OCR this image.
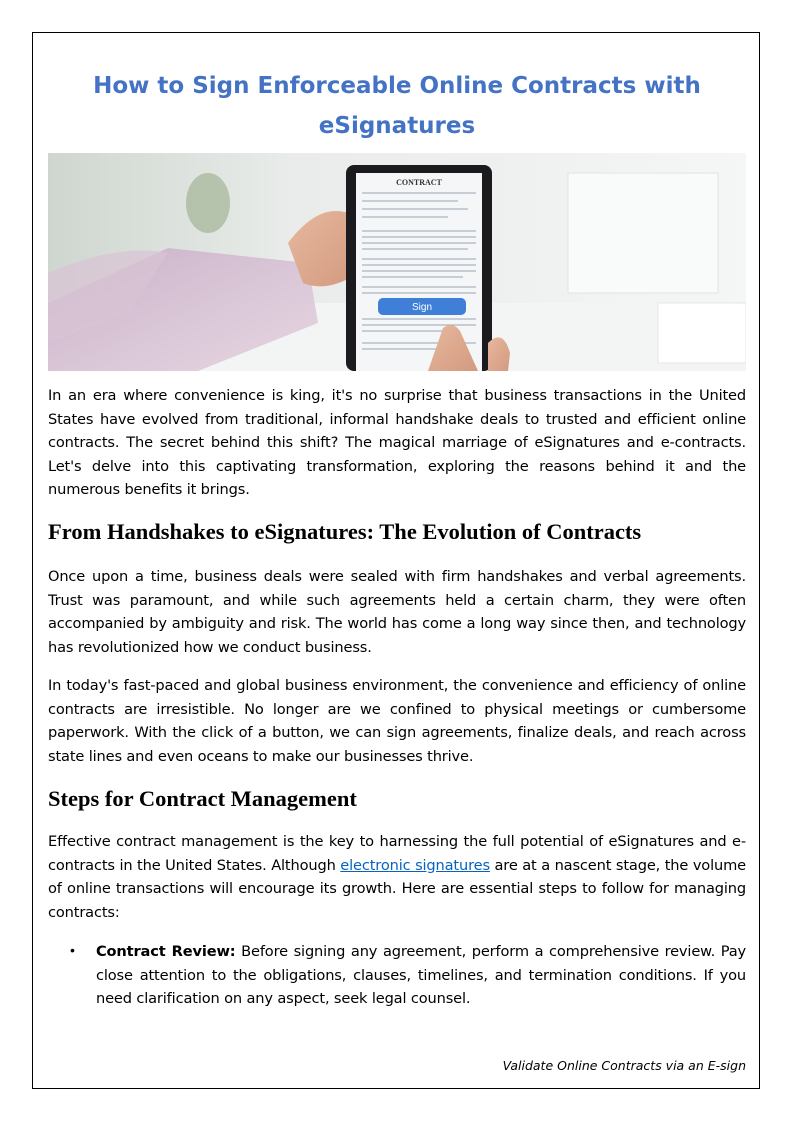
How to Sign Enforceable Online Contracts with eSignatures
CONTRACT
Sign

In an era where convenience is king, it's no surprise that business transactions in the United States have evolved from traditional, informal handshake deals to trusted and efficient online contracts. The secret behind this shift? The magical marriage of eSignatures and e-contracts. Let's delve into this captivating transformation, exploring the reasons behind it and the numerous benefits it brings.

From Handshakes to eSignatures: The Evolution of Contracts

Once upon a time, business deals were sealed with firm handshakes and verbal agreements. Trust was paramount, and while such agreements held a certain charm, they were often accompanied by ambiguity and risk. The world has come a long way since then, and technology has revolutionized how we conduct business.

In today's fast-paced and global business environment, the convenience and efficiency of online contracts are irresistible. No longer are we confined to physical meetings or cumbersome paperwork. With the click of a button, we can sign agreements, finalize deals, and reach across state lines and even oceans to make our businesses thrive.

Steps for Contract Management

Effective contract management is the key to harnessing the full potential of eSignatures and e-contracts in the United States. Although electronic signatures are at a nascent stage, the volume of online transactions will encourage its growth. Here are essential steps to follow for managing contracts:

• Contract Review: Before signing any agreement, perform a comprehensive review. Pay close attention to the obligations, clauses, timelines, and termination conditions. If you need clarification on any aspect, seek legal counsel.

Validate Online Contracts via an E-sign
